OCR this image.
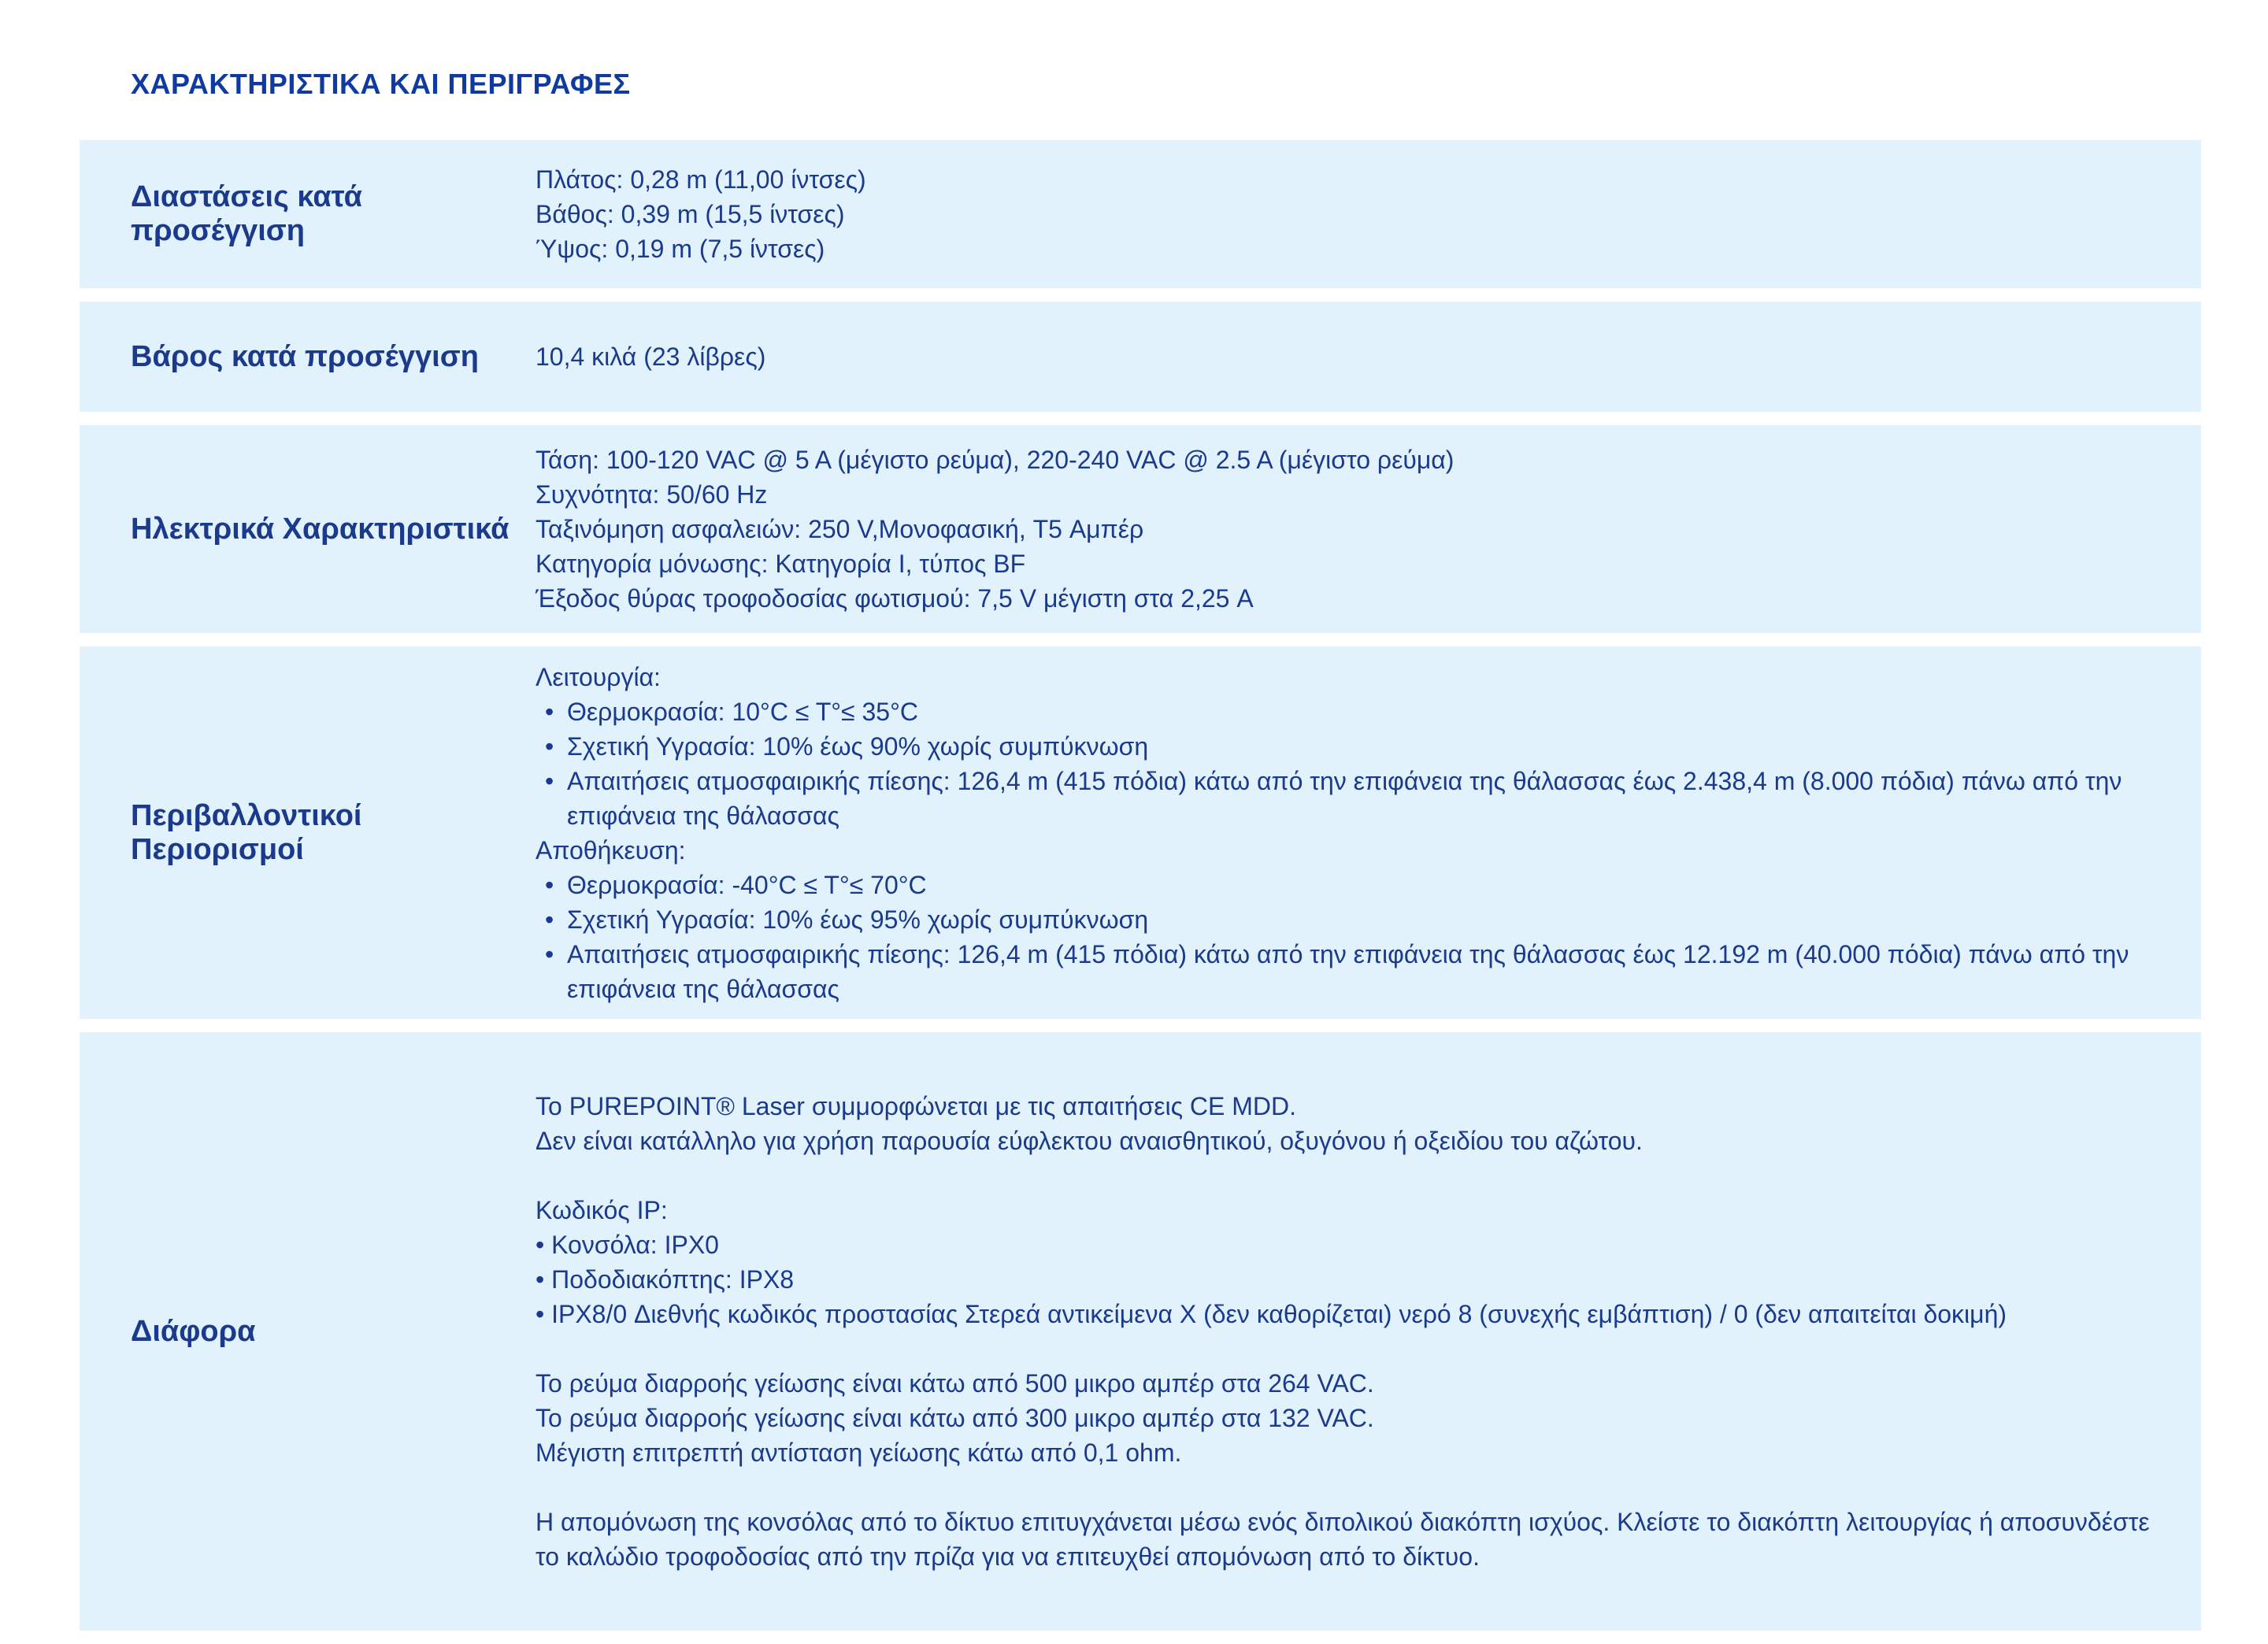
ΧΑΡΑΚΤΗΡΙΣΤΙΚΑ ΚΑΙ ΠΕΡΙΓΡΑΦΕΣ
Διαστάσεις κατά προσέγγιση
Πλάτος: 0,28 m (11,00 ίντσες)
Βάθος: 0,39 m (15,5 ίντσες)
Ύψος: 0,19 m (7,5 ίντσες)
Βάρος κατά προσέγγιση	10,4 κιλά (23 λίβρες)
Ηλεκτρικά Χαρακτηριστικά
Τάση: 100-120 VAC @ 5 A (μέγιστο ρεύμα), 220-240 VAC @ 2.5 A (μέγιστο ρεύμα)
Συχνότητα: 50/60 Hz
Ταξινόμηση ασφαλειών: 250 V,Μονοφασική, T5 Αμπέρ
Κατηγορία μόνωσης: Κατηγορία I, τύπος BF
Έξοδος θύρας τροφοδοσίας φωτισμού: 7,5 V μέγιστη στα 2,25 A
Περιβαλλοντικοί Περιορισμοί
Λειτουργία:
• Θερμοκρασία: 10°C ≤ T°≤ 35°C
• Σχετική Υγρασία: 10% έως 90% χωρίς συμπύκνωση
• Απαιτήσεις ατμοσφαιρικής πίεσης: 126,4 m (415 πόδια) κάτω από την επιφάνεια της θάλασσας έως 2.438,4 m (8.000 πόδια) πάνω από την επιφάνεια της θάλασσας
Αποθήκευση:
• Θερμοκρασία: -40°C ≤ T°≤ 70°C
• Σχετική Υγρασία: 10% έως 95% χωρίς συμπύκνωση
• Απαιτήσεις ατμοσφαιρικής πίεσης: 126,4 m (415 πόδια) κάτω από την επιφάνεια της θάλασσας έως 12.192 m (40.000 πόδια) πάνω από την επιφάνεια της θάλασσας
Διάφορα
Το PUREPOINT® Laser συμμορφώνεται με τις απαιτήσεις CE MDD.
Δεν είναι κατάλληλο για χρήση παρουσία εύφλεκτου αναισθητικού, οξυγόνου ή οξειδίου του αζώτου.
Κωδικός IP:
• Κονσόλα: IPX0
• Ποδοδιακόπτης: IPX8
• IPX8/0 Διεθνής κωδικός προστασίας Στερεά αντικείμενα X (δεν καθορίζεται) νερό 8 (συνεχής εμβάπτιση) / 0 (δεν απαιτείται δοκιμή)
Το ρεύμα διαρροής γείωσης είναι κάτω από 500 μικρο αμπέρ στα 264 VAC.
Το ρεύμα διαρροής γείωσης είναι κάτω από 300 μικρο αμπέρ στα 132 VAC.
Μέγιστη επιτρεπτή αντίσταση γείωσης κάτω από 0,1 ohm.
Η απομόνωση της κονσόλας από το δίκτυο επιτυγχάνεται μέσω ενός διπολικού διακόπτη ισχύος. Κλείστε το διακόπτη λειτουργίας ή αποσυνδέστε το καλώδιο τροφοδοσίας από την πρίζα για να επιτευχθεί απομόνωση από το δίκτυο.
